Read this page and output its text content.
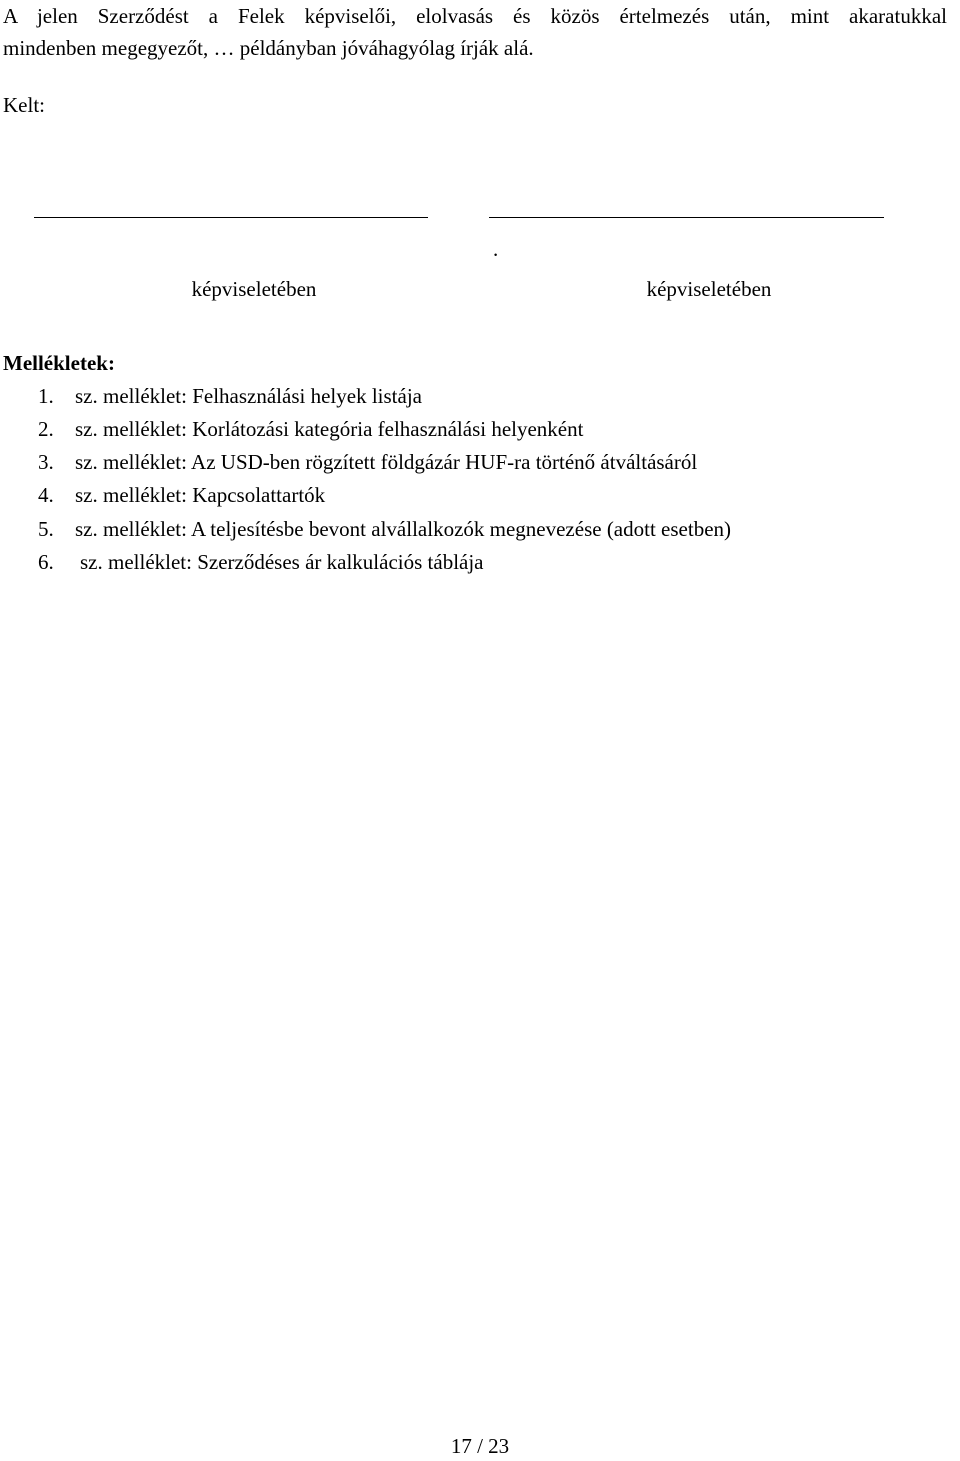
A jelen Szerződést a Felek képviselői, elolvasás és közös értelmezés után, mint akaratukkal
mindenben megegyezőt, … példányban jóváhagyólag írják alá.
Kelt:
.
képviseletében	képviseletében
Mellékletek:
1. sz. melléklet: Felhasználási helyek listája
2. sz. melléklet: Korlátozási kategória felhasználási helyenként
3. sz. melléklet: Az USD-ben rögzített földgázár HUF-ra történő átváltásáról
4. sz. melléklet: Kapcsolattartók
5. sz. melléklet: A teljesítésbe bevont alvállalkozók megnevezése (adott esetben)
6. sz. melléklet: Szerződéses ár kalkulációs táblája
17 / 23
